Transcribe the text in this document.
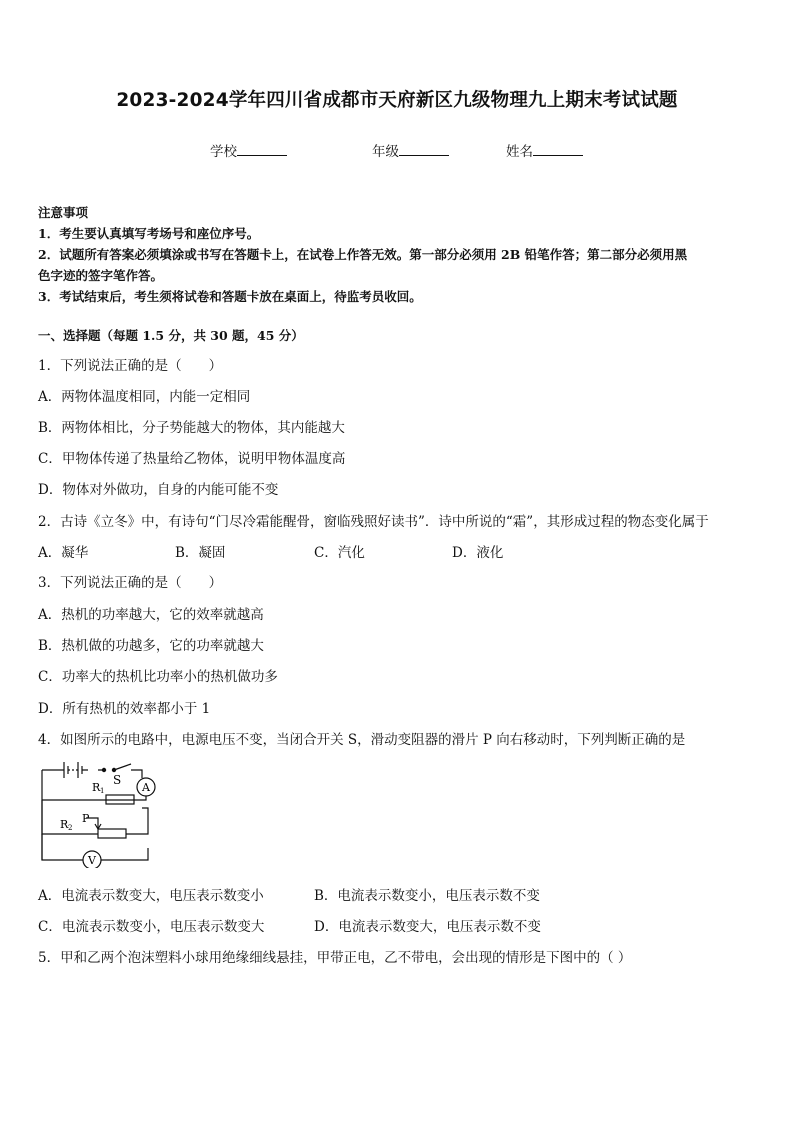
2023-2024学年四川省成都市天府新区九级物理九上期末考试试题
学校	年级	姓名

注意事项

1．考生要认真填写考场号和座位序号。

2．试题所有答案必须填涂或书写在答题卡上，在试卷上作答无效。第一部分必须用 2B 铅笔作答；第二部分必须用黑

色字迹的签字笔作答。

3．考试结束后，考生须将试卷和答题卡放在桌面上，待监考员收回。

一、选择题（每题 1.5 分，共 30 题，45 分）
1．下列说法正确的是（　　）
A．两物体温度相同，内能一定相同
B．两物体相比，分子势能越大的物体，其内能越大
C．甲物体传递了热量给乙物体，说明甲物体温度高
D．物体对外做功，自身的内能可能不变
2．古诗《立冬》中，有诗句“门尽冷霜能醒骨，窗临残照好读书”．诗中所说的“霜”，其形成过程的物态变化属于
A．凝华	B．凝固	C．汽化	D．液化
3．下列说法正确的是（　　）
A．热机的功率越大，它的效率就越高
B．热机做的功越多，它的功率就越大
C．功率大的热机比功率小的热机做功多
D．所有热机的效率都小于 1
4．如图所示的电路中，电源电压不变，当闭合开关 S，滑动变阻器的滑片 P 向右移动时，下列判断正确的是
S
A
V
R 1
R 2
P
A．电流表示数变大，电压表示数变小	B．电流表示数变小，电压表示数不变
C．电流表示数变小，电压表示数变大	D．电流表示数变大，电压表示数不变
5．甲和乙两个泡沫塑料小球用绝缘细线悬挂，甲带正电，乙不带电，会出现的情形是下图中的（ ）
